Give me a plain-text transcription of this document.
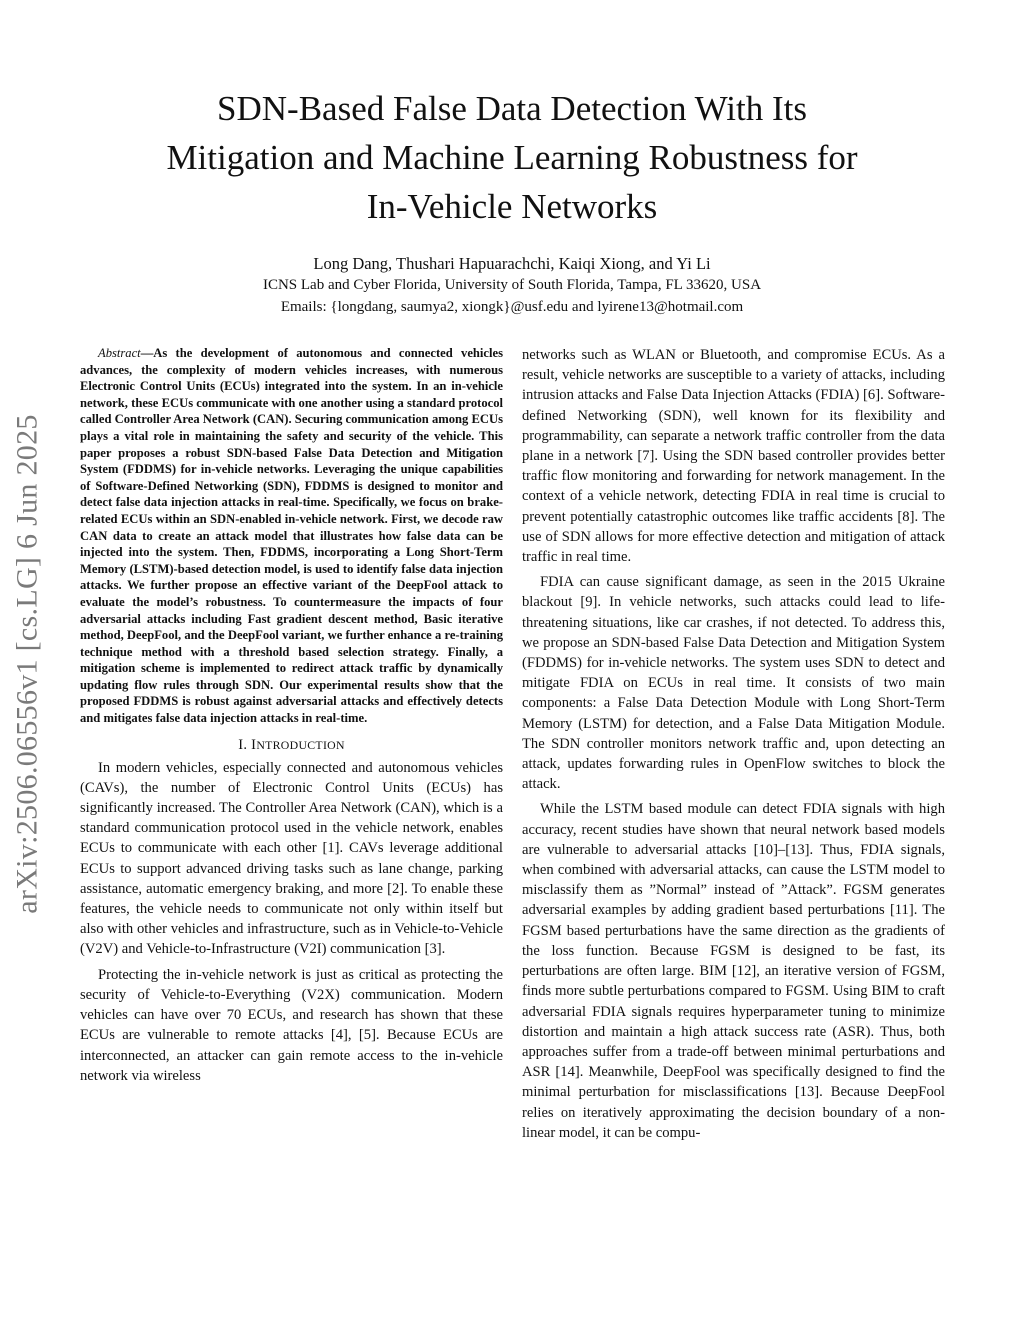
arXiv:2506.06556v1 [cs.LG] 6 Jun 2025
SDN-Based False Data Detection With Its
Mitigation and Machine Learning Robustness for
In-Vehicle Networks
Long Dang, Thushari Hapuarachchi, Kaiqi Xiong, and Yi Li
ICNS Lab and Cyber Florida, University of South Florida, Tampa, FL 33620, USA
Emails: {longdang, saumya2, xiongk}@usf.edu and lyirene13@hotmail.com

Abstract—As the development of autonomous and connected vehicles advances, the complexity of modern vehicles increases, with numerous Electronic Control Units (ECUs) integrated into the system. In an in-vehicle network, these ECUs communicate with one another using a standard protocol called Controller Area Network (CAN). Securing communication among ECUs plays a vital role in maintaining the safety and security of the vehicle. This paper proposes a robust SDN-based False Data Detection and Mitigation System (FDDMS) for in-vehicle networks. Leveraging the unique capabilities of Software-Defined Networking (SDN), FDDMS is designed to monitor and detect false data injection attacks in real-time. Specifically, we focus on brake-related ECUs within an SDN-enabled in-vehicle network. First, we decode raw CAN data to create an attack model that illustrates how false data can be injected into the system. Then, FDDMS, incorporating a Long Short-Term Memory (LSTM)-based detection model, is used to identify false data injection attacks. We further propose an effective variant of the DeepFool attack to evaluate the model’s robustness. To countermeasure the impacts of four adversarial attacks including Fast gradient descent method, Basic iterative method, DeepFool, and the DeepFool variant, we further enhance a re-training technique method with a threshold based selection strategy. Finally, a mitigation scheme is implemented to redirect attack traffic by dynamically updating flow rules through SDN. Our experimental results show that the proposed FDDMS is robust against adversarial attacks and effectively detects and mitigates false data injection attacks in real-time.

I. INTRODUCTION

In modern vehicles, especially connected and autonomous vehicles (CAVs), the number of Electronic Control Units (ECUs) has significantly increased. The Controller Area Network (CAN), which is a standard communication protocol used in the vehicle network, enables ECUs to communicate with each other [1]. CAVs leverage additional ECUs to support advanced driving tasks such as lane change, parking assistance, automatic emergency braking, and more [2]. To enable these features, the vehicle needs to communicate not only within itself but also with other vehicles and infrastructure, such as in Vehicle-to-Vehicle (V2V) and Vehicle-to-Infrastructure (V2I) communication [3].

Protecting the in-vehicle network is just as critical as protecting the security of Vehicle-to-Everything (V2X) communication. Modern vehicles can have over 70 ECUs, and research has shown that these ECUs are vulnerable to remote attacks [4], [5]. Because ECUs are interconnected, an attacker can gain remote access to the in-vehicle network via wireless

networks such as WLAN or Bluetooth, and compromise ECUs. As a result, vehicle networks are susceptible to a variety of attacks, including intrusion attacks and False Data Injection Attacks (FDIA) [6]. Software-defined Networking (SDN), well known for its flexibility and programmability, can separate a network traffic controller from the data plane in a network [7]. Using the SDN based controller provides better traffic flow monitoring and forwarding for network management. In the context of a vehicle network, detecting FDIA in real time is crucial to prevent potentially catastrophic outcomes like traffic accidents [8]. The use of SDN allows for more effective detection and mitigation of attack traffic in real time.

FDIA can cause significant damage, as seen in the 2015 Ukraine blackout [9]. In vehicle networks, such attacks could lead to life-threatening situations, like car crashes, if not detected. To address this, we propose an SDN-based False Data Detection and Mitigation System (FDDMS) for in-vehicle networks. The system uses SDN to detect and mitigate FDIA on ECUs in real time. It consists of two main components: a False Data Detection Module with Long Short-Term Memory (LSTM) for detection, and a False Data Mitigation Module. The SDN controller monitors network traffic and, upon detecting an attack, updates forwarding rules in OpenFlow switches to block the attack.

While the LSTM based module can detect FDIA signals with high accuracy, recent studies have shown that neural network based models are vulnerable to adversarial attacks [10]–[13]. Thus, FDIA signals, when combined with adversarial attacks, can cause the LSTM model to misclassify them as ”Normal” instead of ”Attack”. FGSM generates adversarial examples by adding gradient based perturbations [11]. The FGSM based perturbations have the same direction as the gradients of the loss function. Because FGSM is designed to be fast, its perturbations are often large. BIM [12], an iterative version of FGSM, finds more subtle perturbations compared to FGSM. Using BIM to craft adversarial FDIA signals requires hyperparameter tuning to minimize distortion and maintain a high attack success rate (ASR). Thus, both approaches suffer from a trade-off between minimal perturbations and ASR [14]. Meanwhile, DeepFool was specifically designed to find the minimal perturbation for misclassifications [13]. Because DeepFool relies on iteratively approximating the decision boundary of a non-linear model, it can be compu-
